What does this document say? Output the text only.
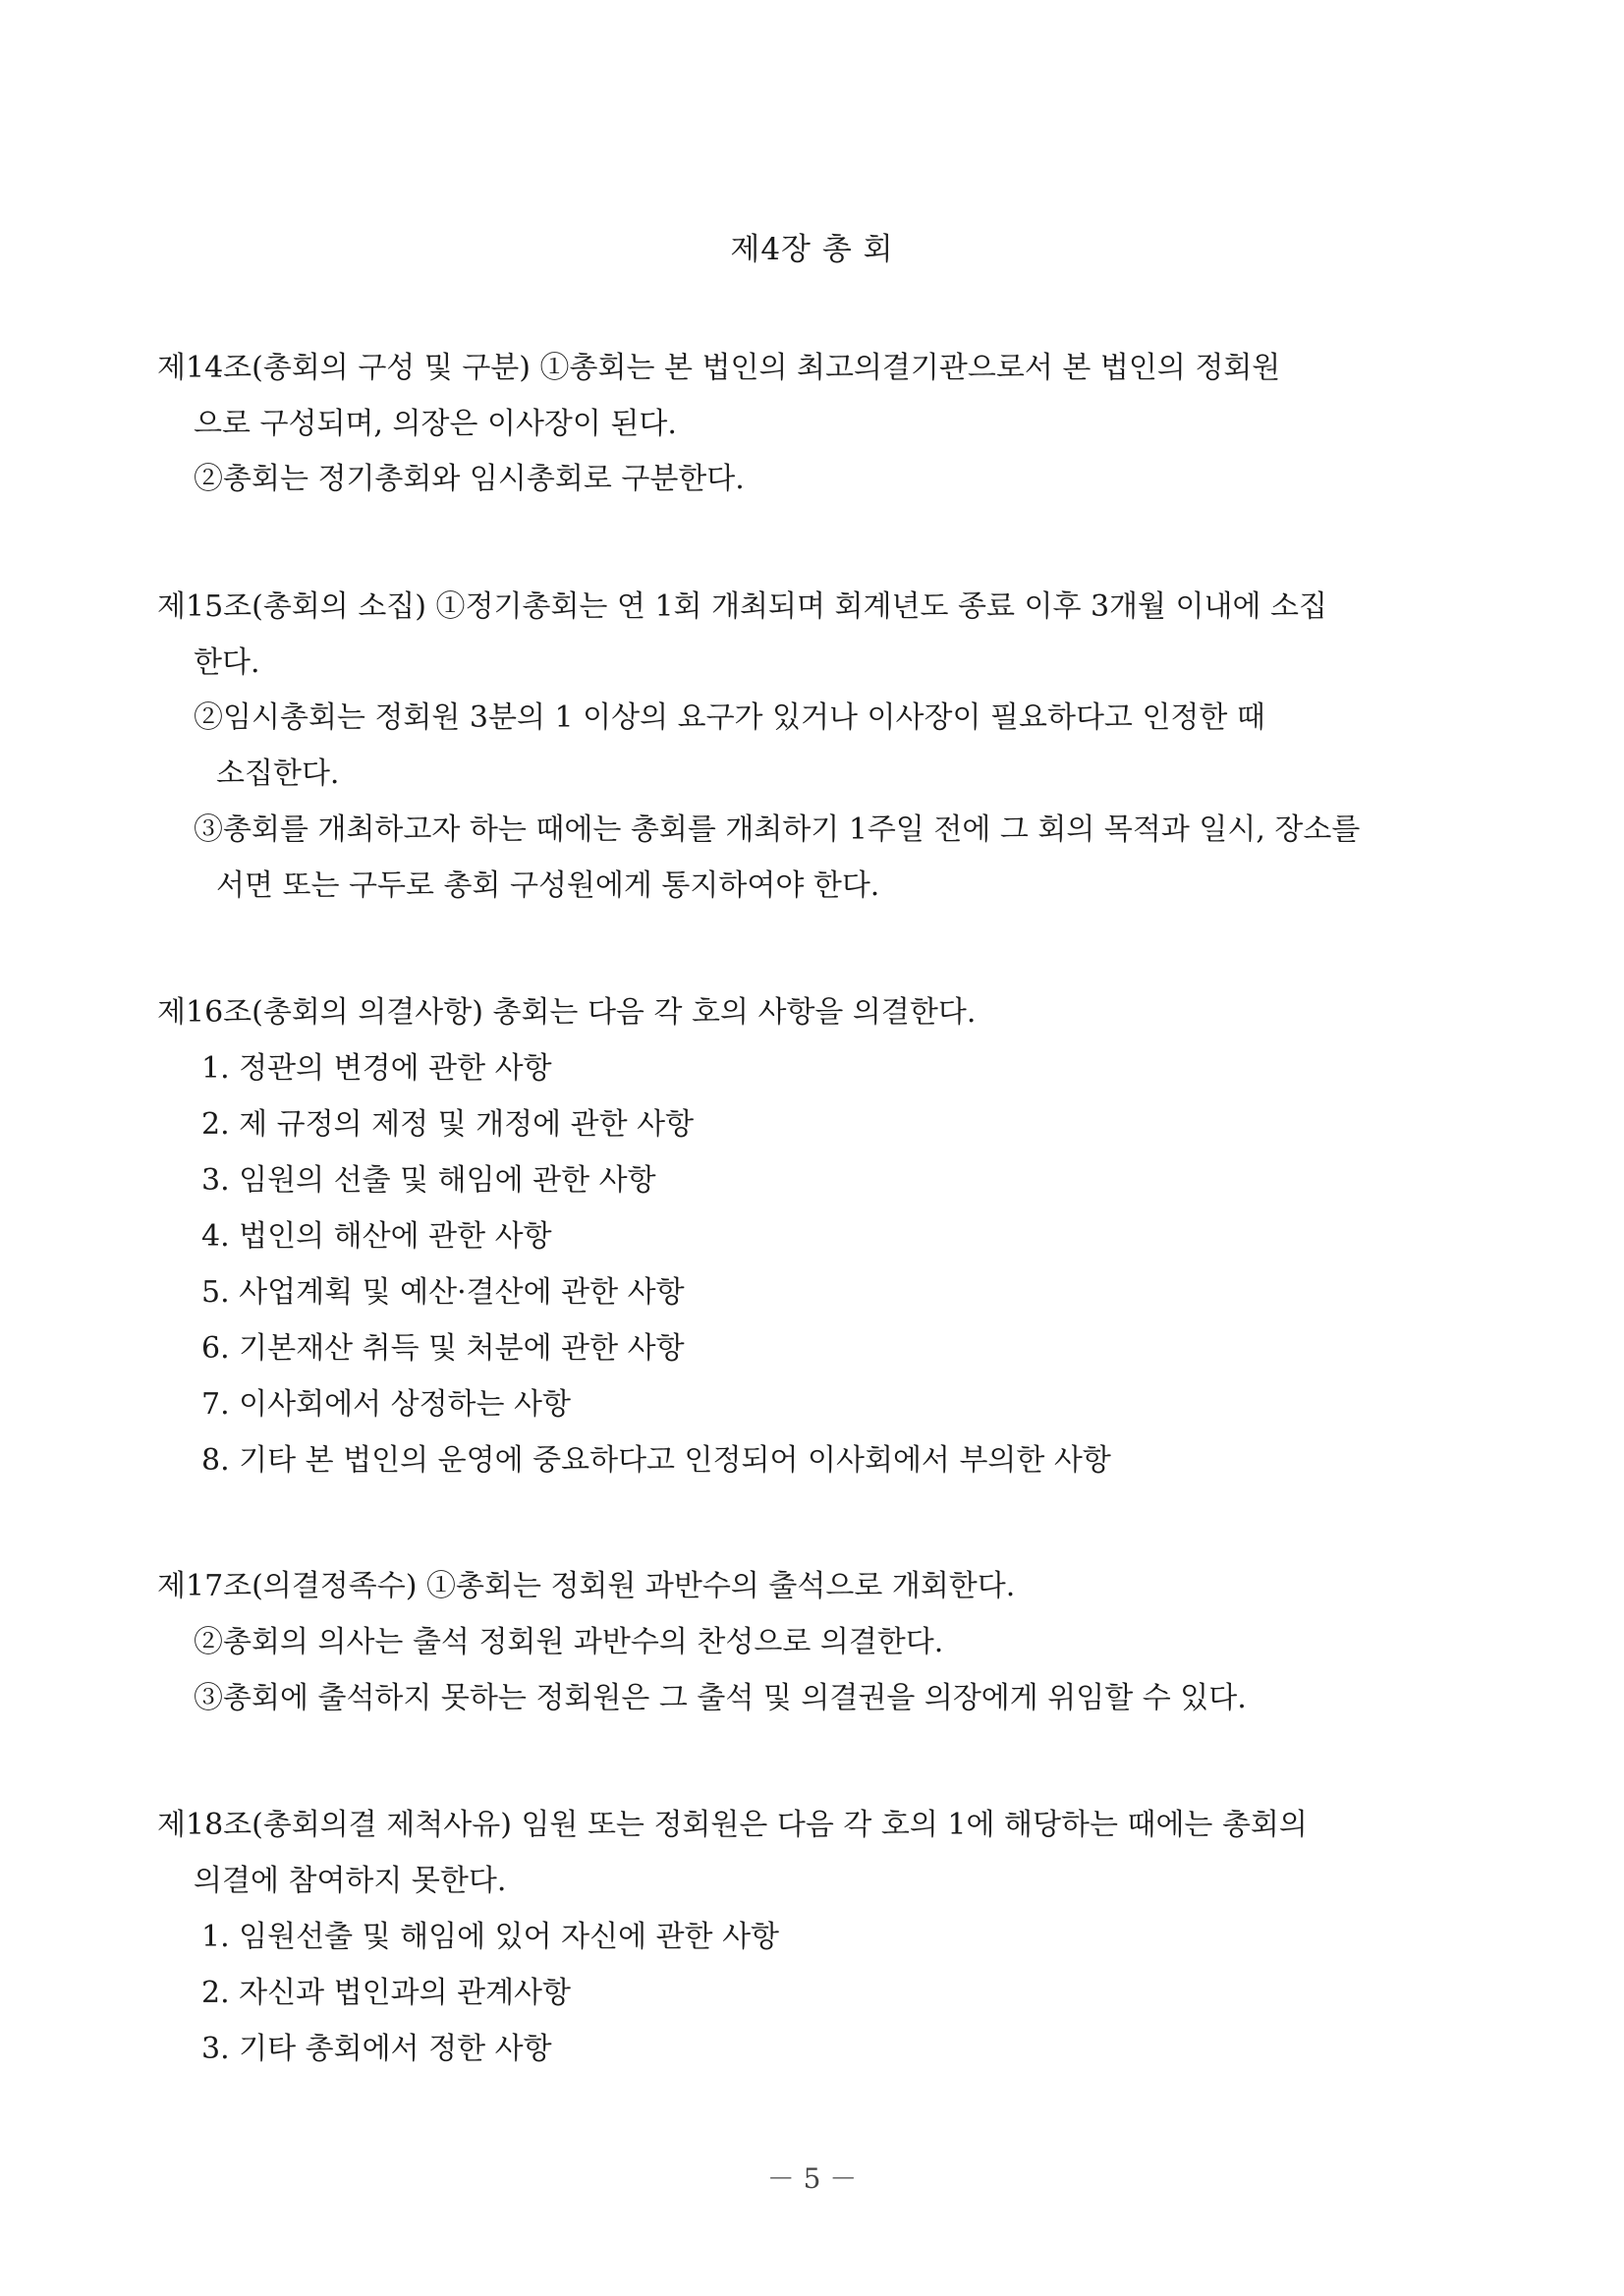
제4장 총 회
제14조(총회의 구성 및 구분) ①총회는 본 법인의 최고의결기관으로서 본 법인의 정회원
으로 구성되며, 의장은 이사장이 된다.
②총회는 정기총회와 임시총회로 구분한다.
제15조(총회의 소집) ①정기총회는 연 1회 개최되며 회계년도 종료 이후 3개월 이내에 소집
한다.
②임시총회는 정회원 3분의 1 이상의 요구가 있거나 이사장이 필요하다고 인정한 때
소집한다.
③총회를 개최하고자 하는 때에는 총회를 개최하기 1주일 전에 그 회의 목적과 일시, 장소를
서면 또는 구두로 총회 구성원에게 통지하여야 한다.
제16조(총회의 의결사항) 총회는 다음 각 호의 사항을 의결한다.
1. 정관의 변경에 관한 사항
2. 제 규정의 제정 및 개정에 관한 사항
3. 임원의 선출 및 해임에 관한 사항
4. 법인의 해산에 관한 사항
5. 사업계획 및 예산·결산에 관한 사항
6. 기본재산 취득 및 처분에 관한 사항
7. 이사회에서 상정하는 사항
8. 기타 본 법인의 운영에 중요하다고 인정되어 이사회에서 부의한 사항
제17조(의결정족수) ①총회는 정회원 과반수의 출석으로 개회한다.
②총회의 의사는 출석 정회원 과반수의 찬성으로 의결한다.
③총회에 출석하지 못하는 정회원은 그 출석 및 의결권을 의장에게 위임할 수 있다.
제18조(총회의결 제척사유) 임원 또는 정회원은 다음 각 호의 1에 해당하는 때에는 총회의
의결에 참여하지 못한다.
1. 임원선출 및 해임에 있어 자신에 관한 사항
2. 자신과 법인과의 관계사항
3. 기타 총회에서 정한 사항
－ 5 －
